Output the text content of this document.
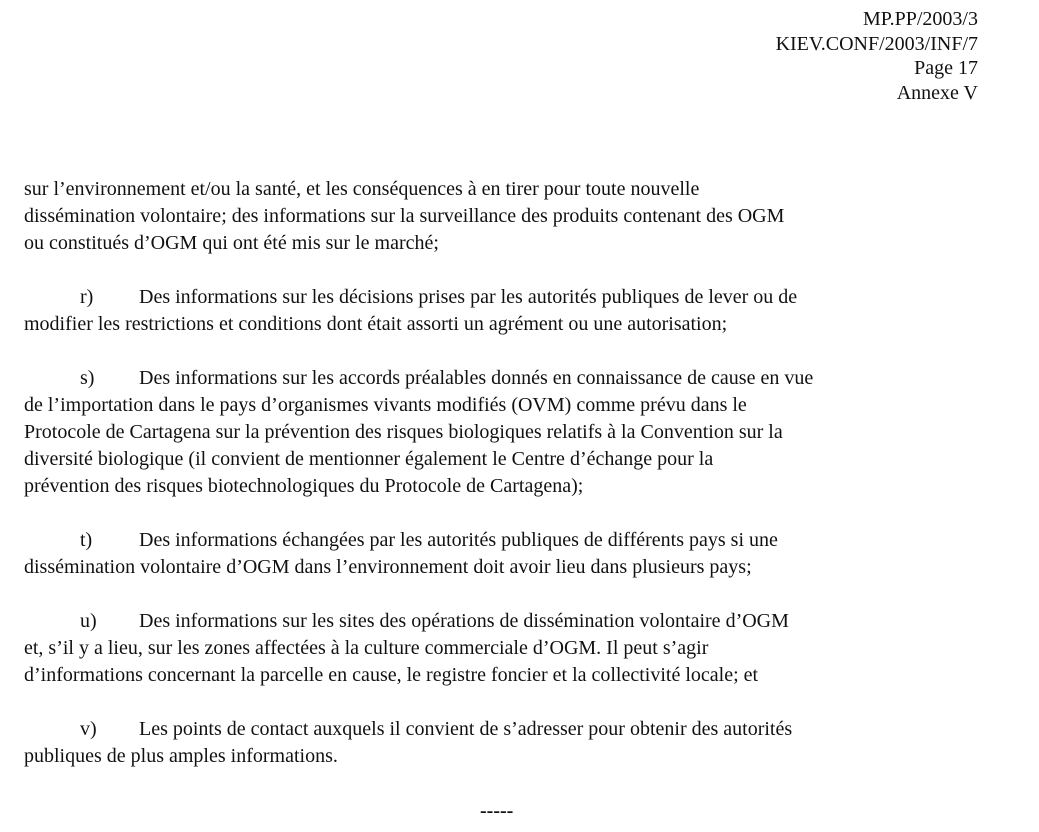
MP.PP/2003/3
KIEV.CONF/2003/INF/7
Page 17
Annexe V
sur l’environnement et/ou la santé, et les conséquences à en tirer pour toute nouvelle
dissémination volontaire; des informations sur la surveillance des produits contenant des OGM
ou constitués d’OGM qui ont été mis sur le marché;
r) Des informations sur les décisions prises par les autorités publiques de lever ou de
modifier les restrictions et conditions dont était assorti un agrément ou une autorisation;
s) Des informations sur les accords préalables donnés en connaissance de cause en vue
de l’importation dans le pays d’organismes vivants modifiés (OVM) comme prévu dans le
Protocole de Cartagena sur la prévention des risques biologiques relatifs à la Convention sur la
diversité biologique (il convient de mentionner également le Centre d’échange pour la
prévention des risques biotechnologiques du Protocole de Cartagena);
t) Des informations échangées par les autorités publiques de différents pays si une
dissémination volontaire d’OGM dans l’environnement doit avoir lieu dans plusieurs pays;
u) Des informations sur les sites des opérations de dissémination volontaire d’OGM
et, s’il y a lieu, sur les zones affectées à la culture commerciale d’OGM. Il peut s’agir
d’informations concernant la parcelle en cause, le registre foncier et la collectivité locale; et
v) Les points de contact auxquels il convient de s’adresser pour obtenir des autorités
publiques de plus amples informations.
-----
